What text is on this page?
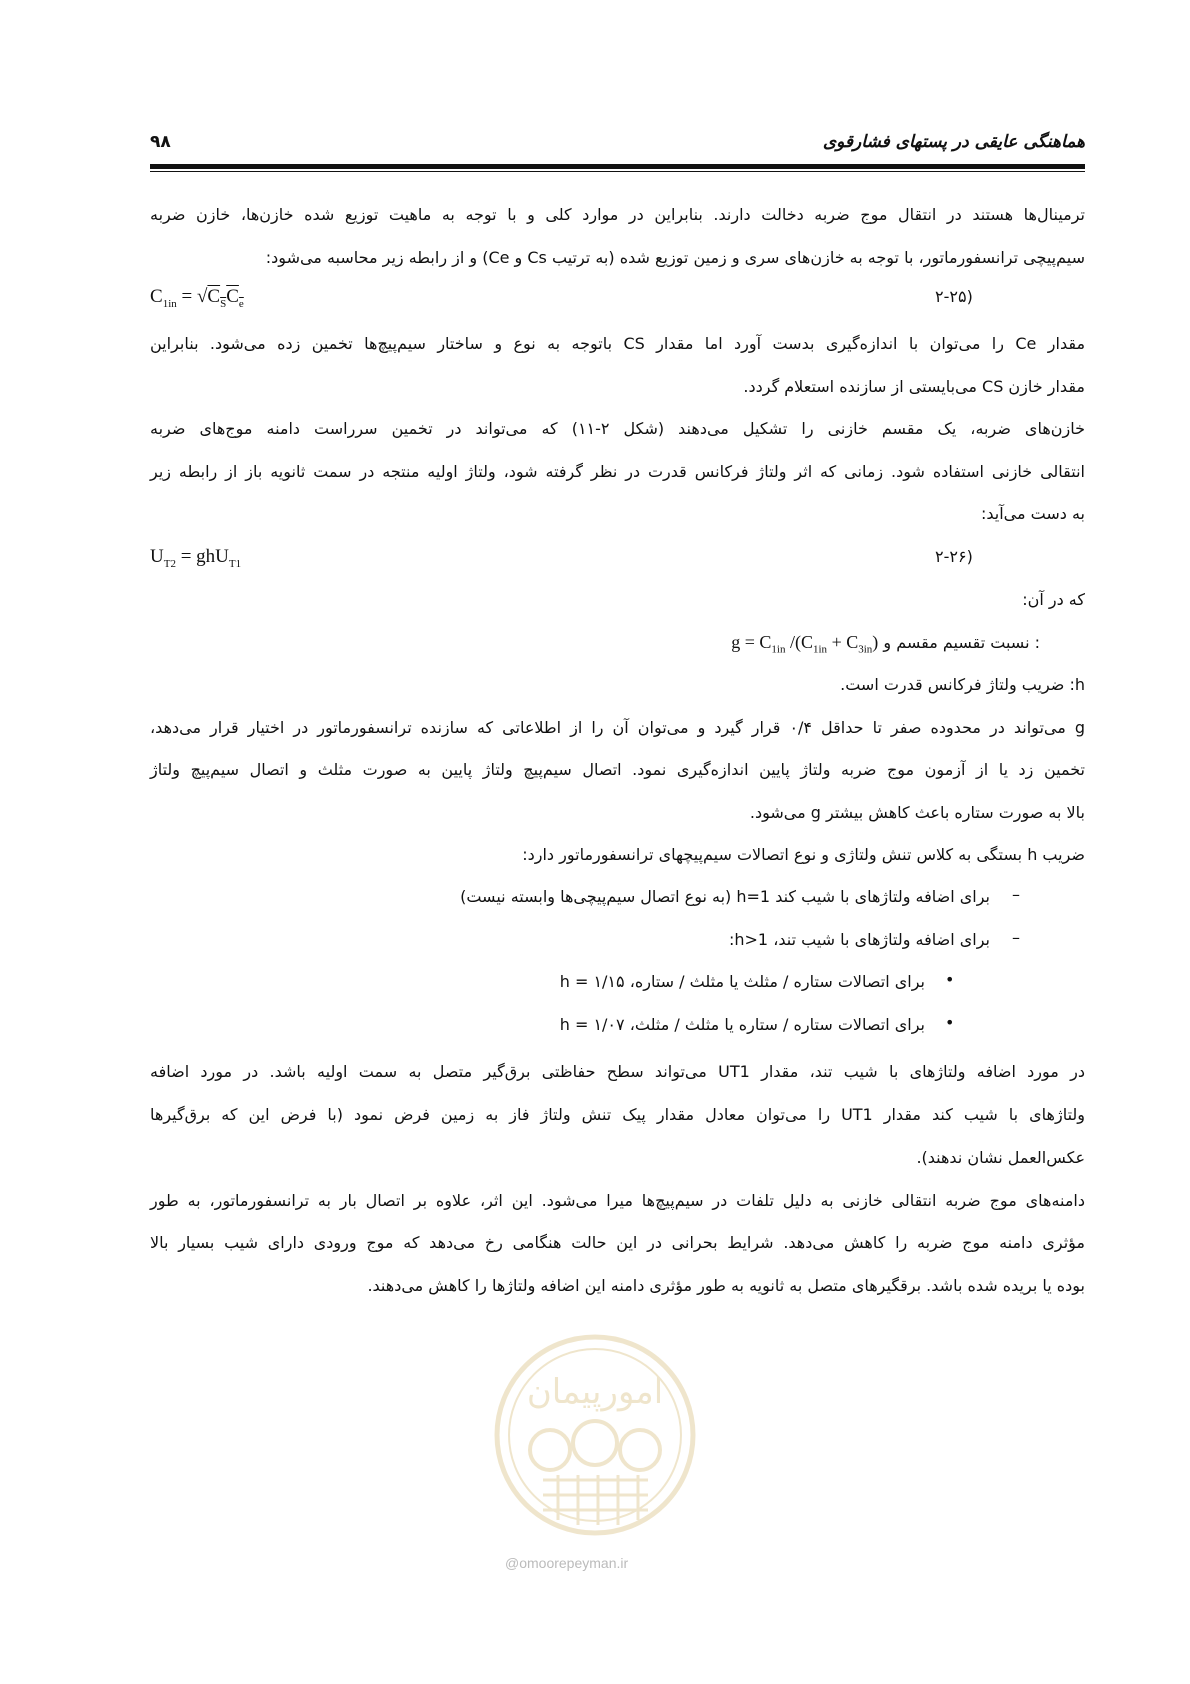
هماهنگی عایقی در پستهای فشارقوی
۹۸
ترمینال‌ها هستند در انتقال موج ضربه دخالت دارند. بنابراین در موارد کلی و با توجه به ماهیت توزیع شده خازن‌ها، خازن ضربه
سیم‌پیچی ترانسفورماتور، با توجه به خازن‌های سری و زمین توزیع شده (به ترتیب Cs و Ce) و از رابطه زیر محاسبه می‌شود:
$C_{1in} = √C_SC_e$	(۲-۲۵
مقدار Ce را می‌توان با اندازه‌گیری بدست آورد اما مقدار CS باتوجه به نوع و ساختار سیم‌پیچ‌ها تخمین زده می‌شود. بنابراین
مقدار خازن CS می‌بایستی از سازنده استعلام گردد.
خازن‌های ضربه، یک مقسم خازنی را تشکیل می‌دهند (شکل ۲-۱۱) که می‌تواند در تخمین سرراست دامنه موج‌های ضربه
انتقالی خازنی استفاده شود. زمانی که اثر ولتاژ فرکانس قدرت در نظر گرفته شود، ولتاژ اولیه منتجه در سمت ثانویه باز از رابطه زیر
به دست می‌آید:
$U_{T2} = ghU_{T1}$	(۲-۲۶
که در آن:
: نسبت تقسیم مقسم و $g = C_{1in}$ $/(C_{1in} + C_{3in})$
h: ضریب ولتاژ فرکانس قدرت است.
g می‌تواند در محدوده صفر تا حداقل ۰/۴ قرار گیرد و می‌توان آن را از اطلاعاتی که سازنده ترانسفورماتور در اختیار قرار می‌دهد،
تخمین زد یا از آزمون موج ضربه ولتاژ پایین اندازه‌گیری نمود. اتصال سیم‌پیچ ولتاژ پایین به صورت مثلث و اتصال سیم‌پیچ ولتاژ
بالا به صورت ستاره باعث کاهش بیشتر g می‌شود.
ضریب h بستگی به کلاس تنش ولتاژی و نوع اتصالات سیم‌پیچهای ترانسفورماتور دارد:
–
برای اضافه ولتاژهای با شیب کند h=1 (به نوع اتصال سیم‌پیچی‌ها وابسته نیست)
–
برای اضافه ولتاژهای با شیب تند، h>1:
•
برای اتصالات ستاره / مثلث یا مثلث / ستاره، h = ۱/۱۵
•
برای اتصالات ستاره / ستاره یا مثلث / مثلث، h = ۱/۰۷
در مورد اضافه ولتاژهای با شیب تند، مقدار UT1 می‌تواند سطح حفاظتی برق‌گیر متصل به سمت اولیه باشد. در مورد اضافه
ولتاژهای با شیب کند مقدار UT1 را می‌توان معادل مقدار پیک تنش ولتاژ فاز به زمین فرض نمود (با فرض این که برق‌گیرها
عکس‌العمل نشان ندهند).
دامنه‌های موج ضربه انتقالی خازنی به دلیل تلفات در سیم‌پیچ‌ها میرا می‌شود. این اثر، علاوه بر اتصال بار به ترانسفورماتور، به طور
مؤثری دامنه موج ضربه را کاهش می‌دهد. شرایط بحرانی در این حالت هنگامی رخ می‌دهد که موج ورودی دارای شیب بسیار بالا
بوده یا بریده شده باشد. برقگیرهای متصل به ثانویه به طور مؤثری دامنه این اضافه ولتاژها را کاهش می‌دهند.
امورپیمان
@omoorepeyman.ir
